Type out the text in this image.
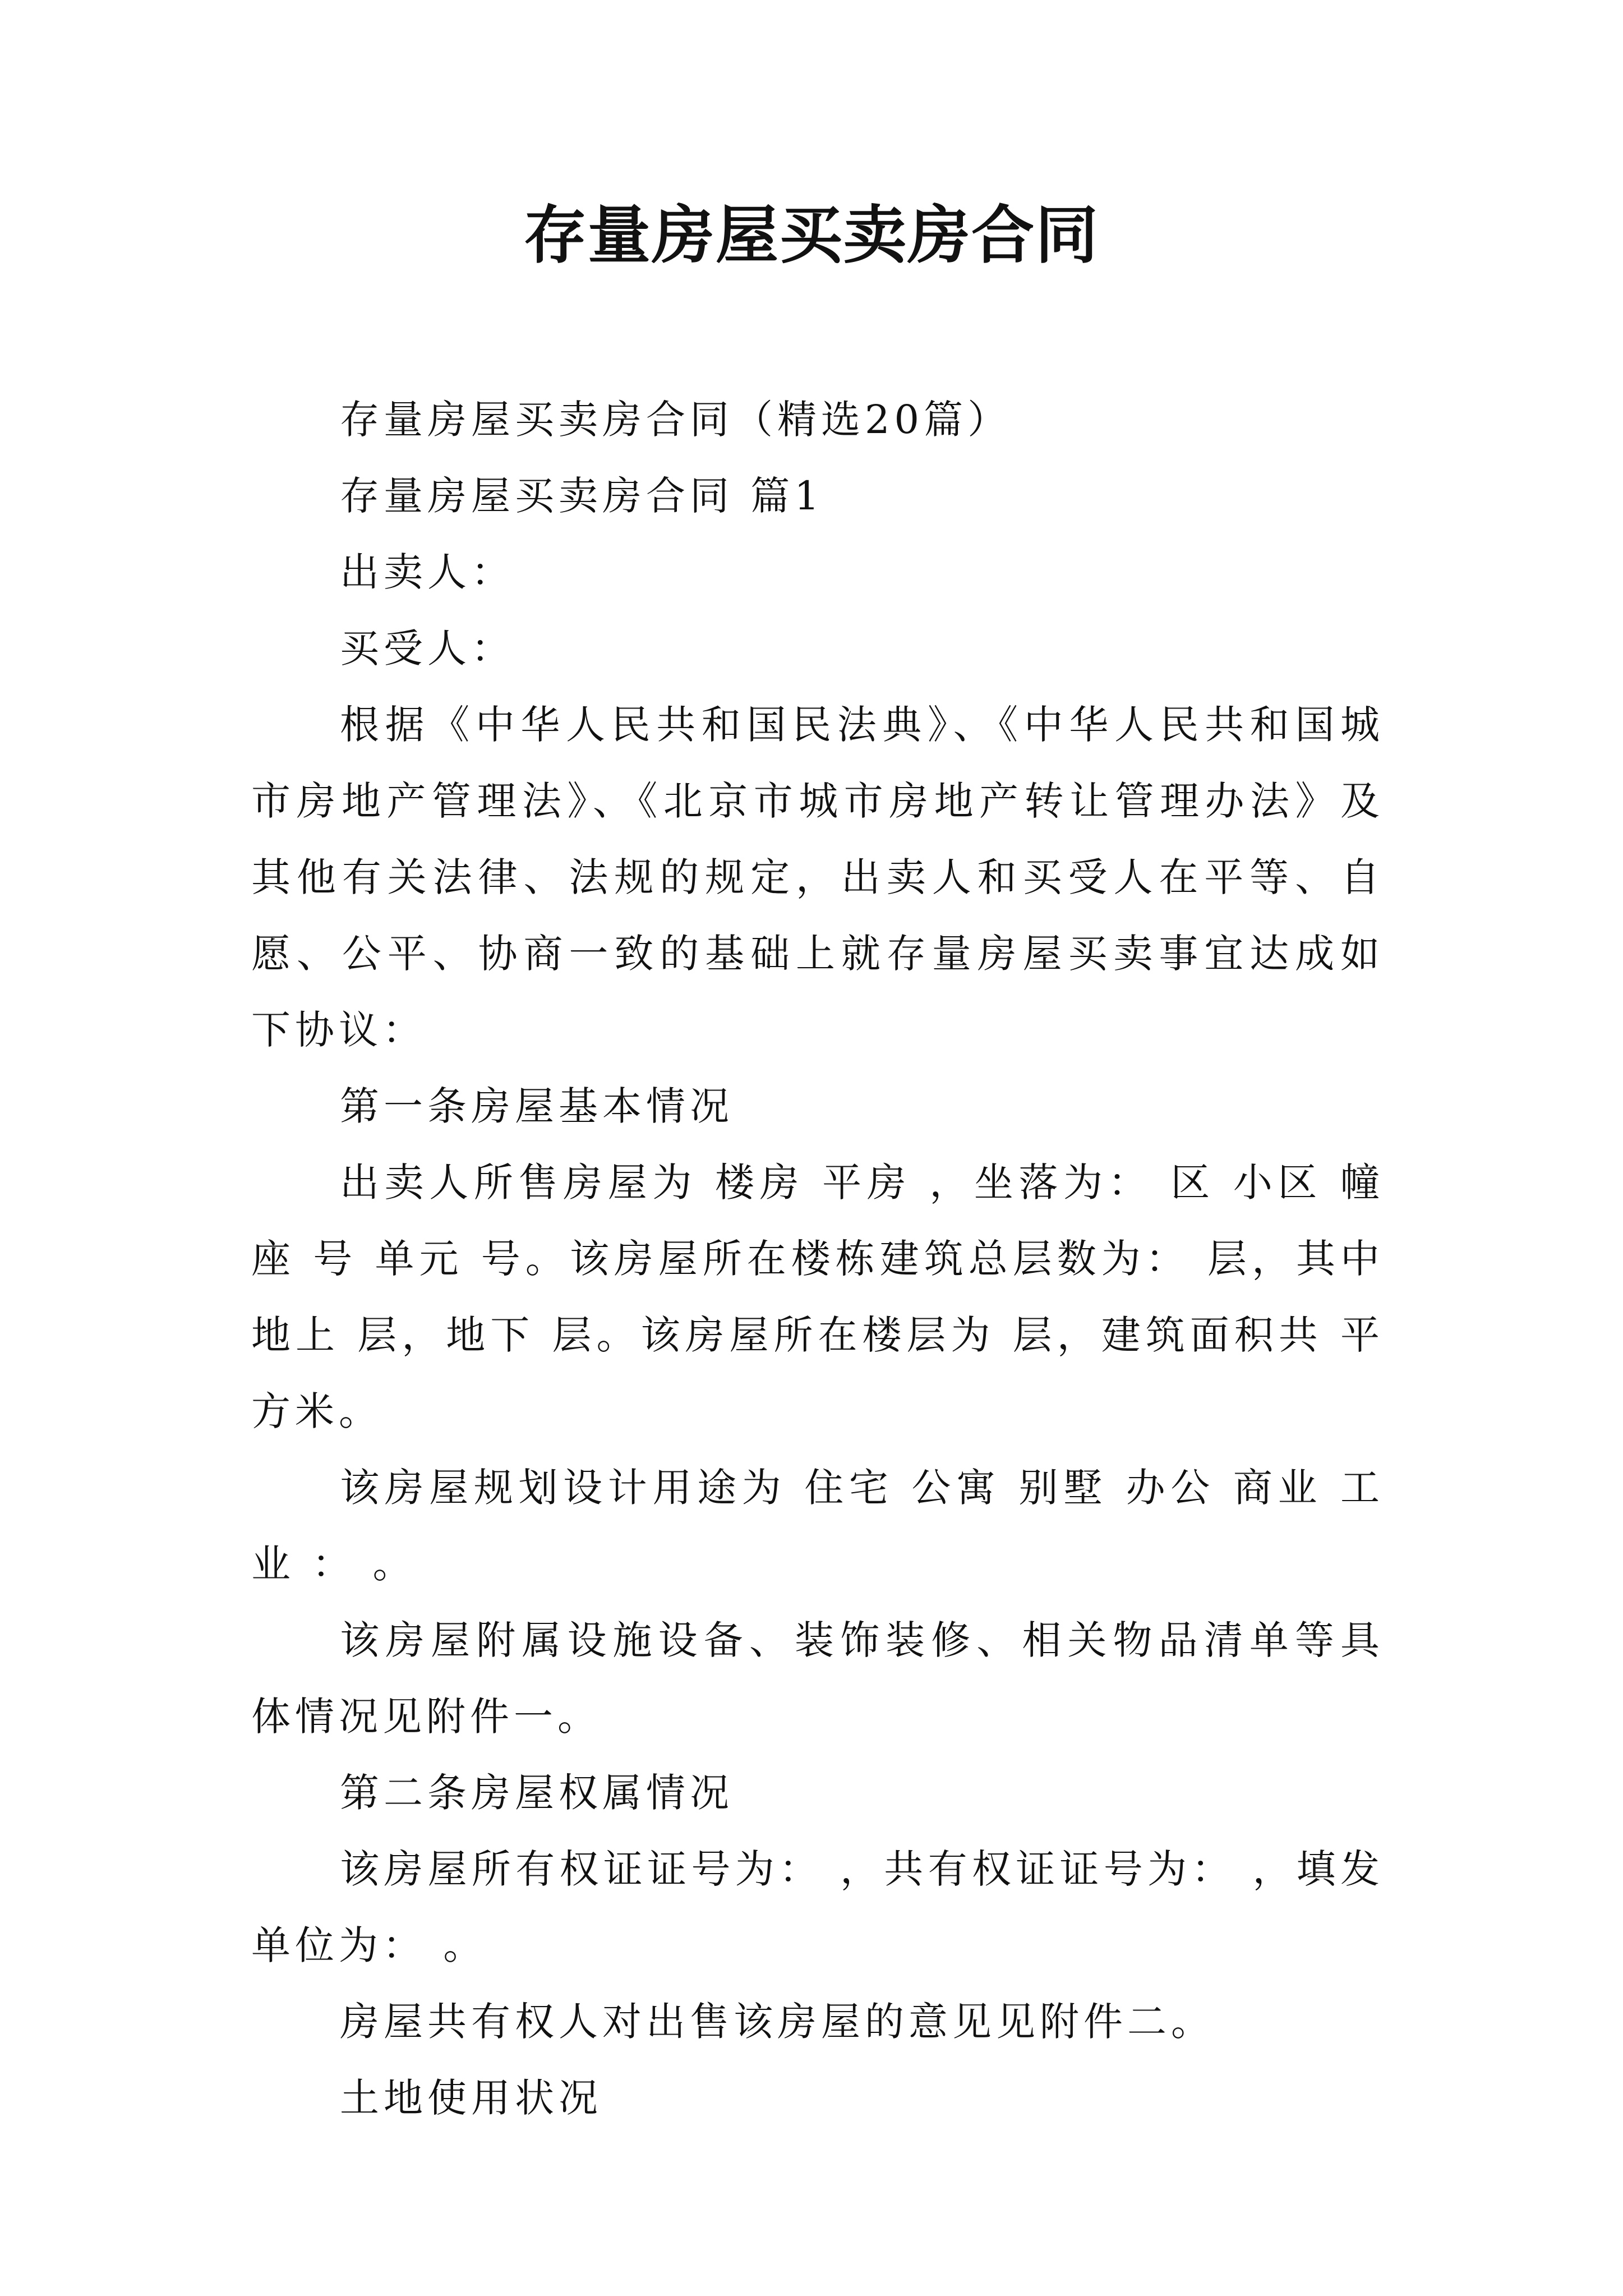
存量房屋买卖房合同

存量房屋买卖房合同（精选20篇）

存量房屋买卖房合同 篇1

出卖人：

买受人：

根据《中华人民共和国民法典》、《中华人民共和国城市房地产管理法》、《北京市城市房地产转让管理办法》及其他有关法律、法规的规定，出卖人和买受人在平等、自愿、公平、协商一致的基础上就存量房屋买卖事宜达成如下协议：

第一条房屋基本情况

出卖人所售房屋为 楼房 平房 ，坐落为： 区 小区 幢 座 号 单元 号。该房屋所在楼栋建筑总层数为： 层，其中地上 层，地下 层。该房屋所在楼层为 层，建筑面积共 平方米。

该房屋规划设计用途为 住宅 公寓 别墅 办公 商业 工业 ： 。

该房屋附属设施设备、装饰装修、相关物品清单等具体情况见附件一。

第二条房屋权属情况

该房屋所有权证证号为： ，共有权证证号为： ，填发单位为： 。

房屋共有权人对出售该房屋的意见见附件二。

土地使用状况
